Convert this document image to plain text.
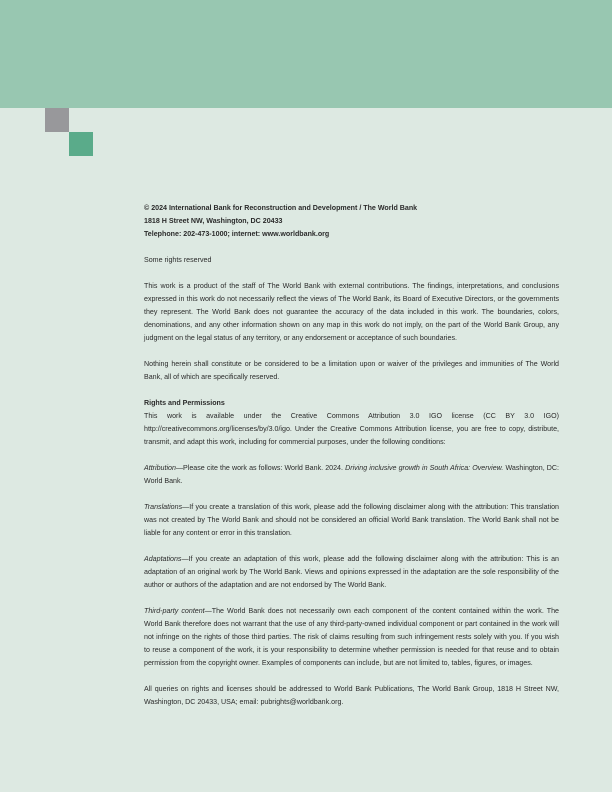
© 2024 International Bank for Reconstruction and Development / The World Bank

1818 H Street NW, Washington, DC 20433

Telephone: 202-473-1000; internet: www.worldbank.org

Some rights reserved

This work is a product of the staff of The World Bank with external contributions. The findings, interpretations, and conclusions expressed in this work do not necessarily reflect the views of The World Bank, its Board of Executive Directors, or the governments they represent. The World Bank does not guarantee the accuracy of the data included in this work. The boundaries, colors, denominations, and any other information shown on any map in this work do not imply, on the part of the World Bank Group, any judgment on the legal status of any territory, or any endorsement or acceptance of such boundaries.

Nothing herein shall constitute or be considered to be a limitation upon or waiver of the privileges and immunities of The World Bank, all of which are specifically reserved.

Rights and Permissions

This work is available under the Creative Commons Attribution 3.0 IGO license (CC BY 3.0 IGO) http://creativecommons.org/licenses/by/3.0/igo. Under the Creative Commons Attribution license, you are free to copy, distribute, transmit, and adapt this work, including for commercial purposes, under the following conditions:

Attribution—Please cite the work as follows: World Bank. 2024. Driving inclusive growth in South Africa: Overview. Washington, DC: World Bank.

Translations—If you create a translation of this work, please add the following disclaimer along with the attribution: This translation was not created by The World Bank and should not be considered an official World Bank translation. The World Bank shall not be liable for any content or error in this translation.

Adaptations—If you create an adaptation of this work, please add the following disclaimer along with the attribution: This is an adaptation of an original work by The World Bank. Views and opinions expressed in the adaptation are the sole responsibility of the author or authors of the adaptation and are not endorsed by The World Bank.

Third-party content—The World Bank does not necessarily own each component of the content contained within the work. The World Bank therefore does not warrant that the use of any third-party-owned individual component or part contained in the work will not infringe on the rights of those third parties. The risk of claims resulting from such infringement rests solely with you. If you wish to reuse a component of the work, it is your responsibility to determine whether permission is needed for that reuse and to obtain permission from the copyright owner. Examples of components can include, but are not limited to, tables, figures, or images.

All queries on rights and licenses should be addressed to World Bank Publications, The World Bank Group, 1818 H Street NW, Washington, DC 20433, USA; email: pubrights@worldbank.org.
